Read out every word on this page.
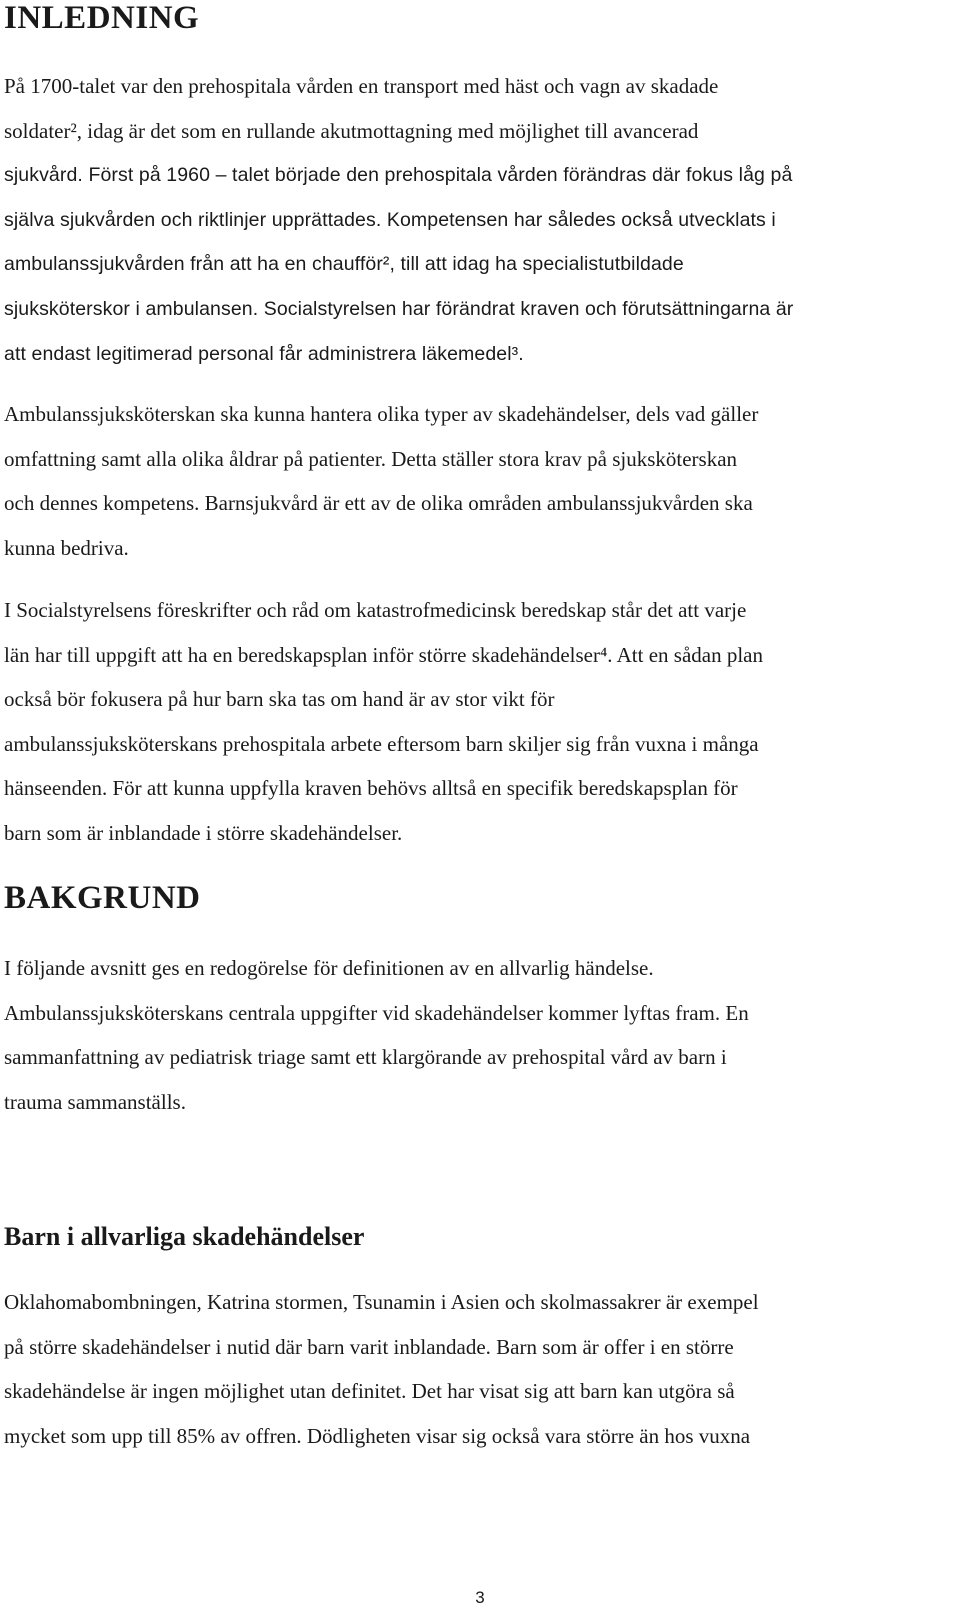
INLEDNING
På 1700-talet var den prehospitala vården en transport med häst och vagn av skadade
soldater², idag är det som en rullande akutmottagning med möjlighet till avancerad
sjukvård. Först på 1960 – talet började den prehospitala vården förändras där fokus låg på
själva sjukvården och riktlinjer upprättades. Kompetensen har således också utvecklats i
ambulanssjukvården från att ha en chaufför², till att idag ha specialistutbildade
sjuksköterskor i ambulansen. Socialstyrelsen har förändrat kraven och förutsättningarna är
att endast legitimerad personal får administrera läkemedel³.
Ambulanssjuksköterskan ska kunna hantera olika typer av skadehändelser, dels vad gäller
omfattning samt alla olika åldrar på patienter. Detta ställer stora krav på sjuksköterskan
och dennes kompetens. Barnsjukvård är ett av de olika områden ambulanssjukvården ska
kunna bedriva.
I Socialstyrelsens föreskrifter och råd om katastrofmedicinsk beredskap står det att varje
län har till uppgift att ha en beredskapsplan inför större skadehändelser⁴. Att en sådan plan
också bör fokusera på hur barn ska tas om hand är av stor vikt för
ambulanssjuksköterskans prehospitala arbete eftersom barn skiljer sig från vuxna i många
hänseenden. För att kunna uppfylla kraven behövs alltså en specifik beredskapsplan för
barn som är inblandade i större skadehändelser.
BAKGRUND
I följande avsnitt ges en redogörelse för definitionen av en allvarlig händelse.
Ambulanssjuksköterskans centrala uppgifter vid skadehändelser kommer lyftas fram. En
sammanfattning av pediatrisk triage samt ett klargörande av prehospital vård av barn i
trauma sammanställs.
Barn i allvarliga skadehändelser
Oklahomabombningen, Katrina stormen, Tsunamin i Asien och skolmassakrer är exempel
på större skadehändelser i nutid där barn varit inblandade. Barn som är offer i en större
skadehändelse är ingen möjlighet utan definitet. Det har visat sig att barn kan utgöra så
mycket som upp till 85% av offren. Dödligheten visar sig också vara större än hos vuxna
3
